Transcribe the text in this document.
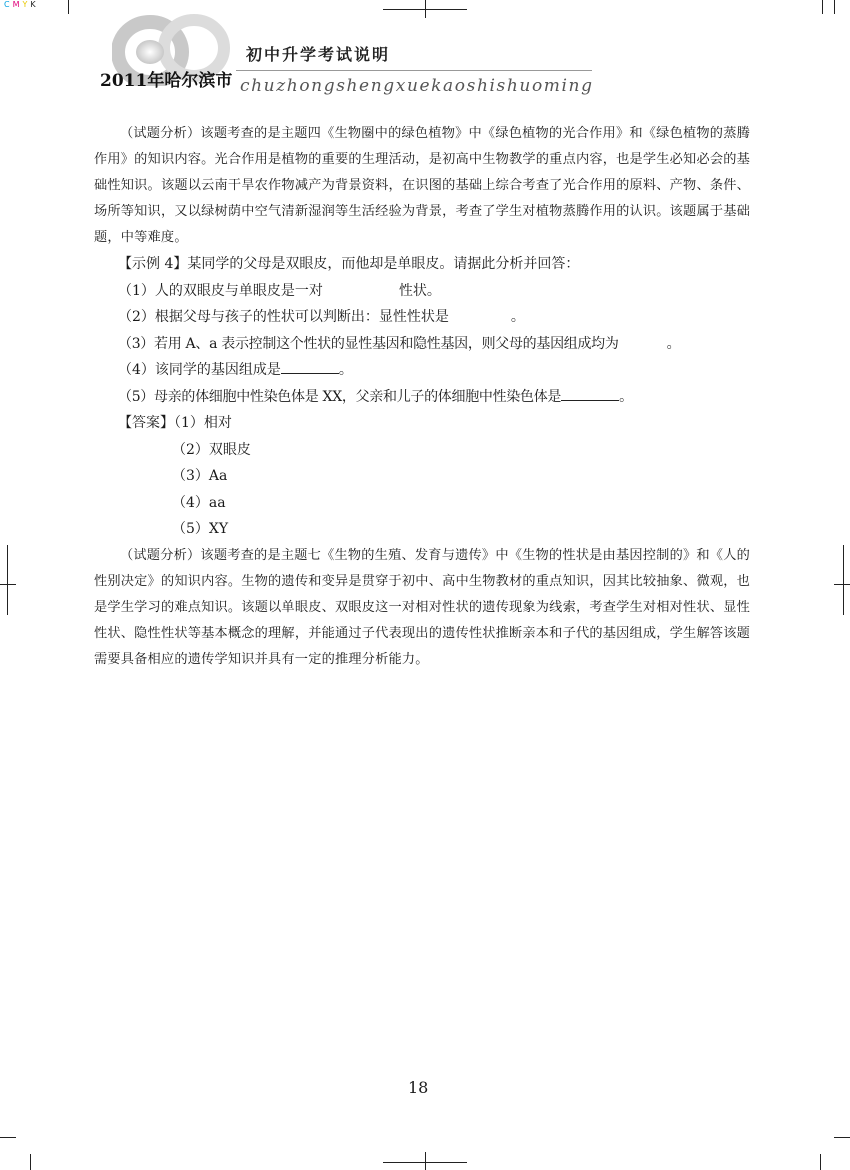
CMYK
2011年哈尔滨市
初中升学考试说明
chuzhongshengxuekaoshishuoming

（试题分析）该题考查的是主题四《生物圈中的绿色植物》中《绿色植物的光合作用》和《绿色植物的蒸腾作用》的知识内容。光合作用是植物的重要的生理活动，是初高中生物教学的重点内容，也是学生必知必会的基础性知识。该题以云南干旱农作物减产为背景资料，在识图的基础上综合考查了光合作用的原料、产物、条件、场所等知识，又以绿树荫中空气清新湿润等生活经验为背景，考查了学生对植物蒸腾作用的认识。该题属于基础题，中等难度。

【示例 4】某同学的父母是双眼皮，而他却是单眼皮。请据此分析并回答：

（1）人的双眼皮与单眼皮是一对	性状。

（2）根据父母与孩子的性状可以判断出：显性性状是	。

（3）若用 A、a 表示控制这个性状的显性基因和隐性基因，则父母的基因组成均为	。

（4）该同学的基因组成是	。

（5）母亲的体细胞中性染色体是 XX，父亲和儿子的体细胞中性染色体是	。

【答案】（1）相对

（2）双眼皮

（3）Aa

（4）aa

（5）XY

（试题分析）该题考查的是主题七《生物的生殖、发育与遗传》中《生物的性状是由基因控制的》和《人的性别决定》的知识内容。生物的遗传和变异是贯穿于初中、高中生物教材的重点知识，因其比较抽象、微观，也是学生学习的难点知识。该题以单眼皮、双眼皮这一对相对性状的遗传现象为线索，考查学生对相对性状、显性性状、隐性性状等基本概念的理解，并能通过子代表现出的遗传性状推断亲本和子代的基因组成，学生解答该题需要具备相应的遗传学知识并具有一定的推理分析能力。

18
